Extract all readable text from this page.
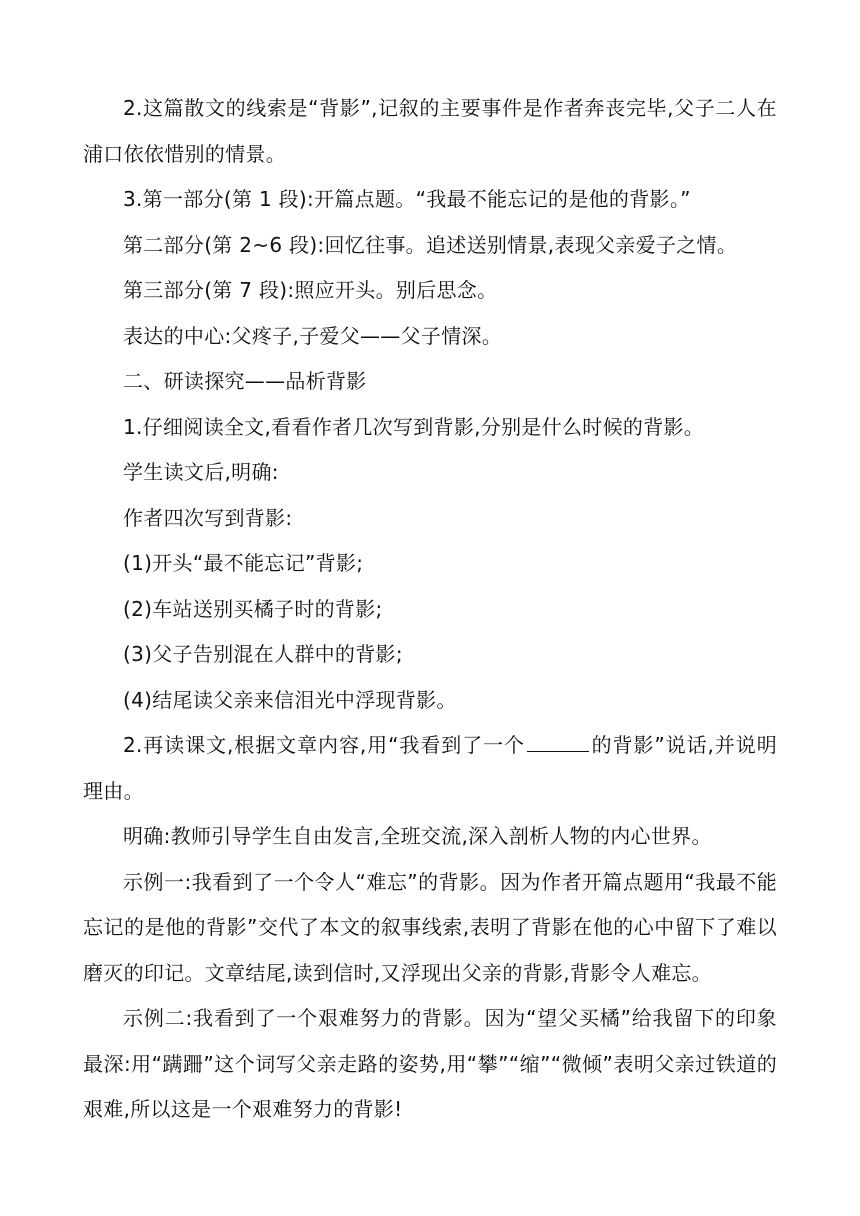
2.这篇散文的线索是“背影”,记叙的主要事件是作者奔丧完毕,父子二人在浦口依依惜别的情景。

3.第一部分(第 1 段):开篇点题。“我最不能忘记的是他的背影。”

第二部分(第 2~6 段):回忆往事。追述送别情景,表现父亲爱子之情。

第三部分(第 7 段):照应开头。别后思念。

表达的中心:父疼子,子爱父——父子情深。

二、研读探究——品析背影

1.仔细阅读全文,看看作者几次写到背影,分别是什么时候的背影。

学生读文后,明确:

作者四次写到背影:

(1)开头“最不能忘记”背影;

(2)车站送别买橘子时的背影;

(3)父子告别混在人群中的背影;

(4)结尾读父亲来信泪光中浮现背影。

2.再读课文,根据文章内容,用“我看到了一个	的背影”说话,并说明理由。

明确:教师引导学生自由发言,全班交流,深入剖析人物的内心世界。

示例一:我看到了一个令人“难忘”的背影。因为作者开篇点题用“我最不能忘记的是他的背影”交代了本文的叙事线索,表明了背影在他的心中留下了难以磨灭的印记。文章结尾,读到信时,又浮现出父亲的背影,背影令人难忘。

示例二:我看到了一个艰难努力的背影。因为“望父买橘”给我留下的印象最深:用“蹒跚”这个词写父亲走路的姿势,用“攀”“缩”“微倾”表明父亲过铁道的艰难,所以这是一个艰难努力的背影!
